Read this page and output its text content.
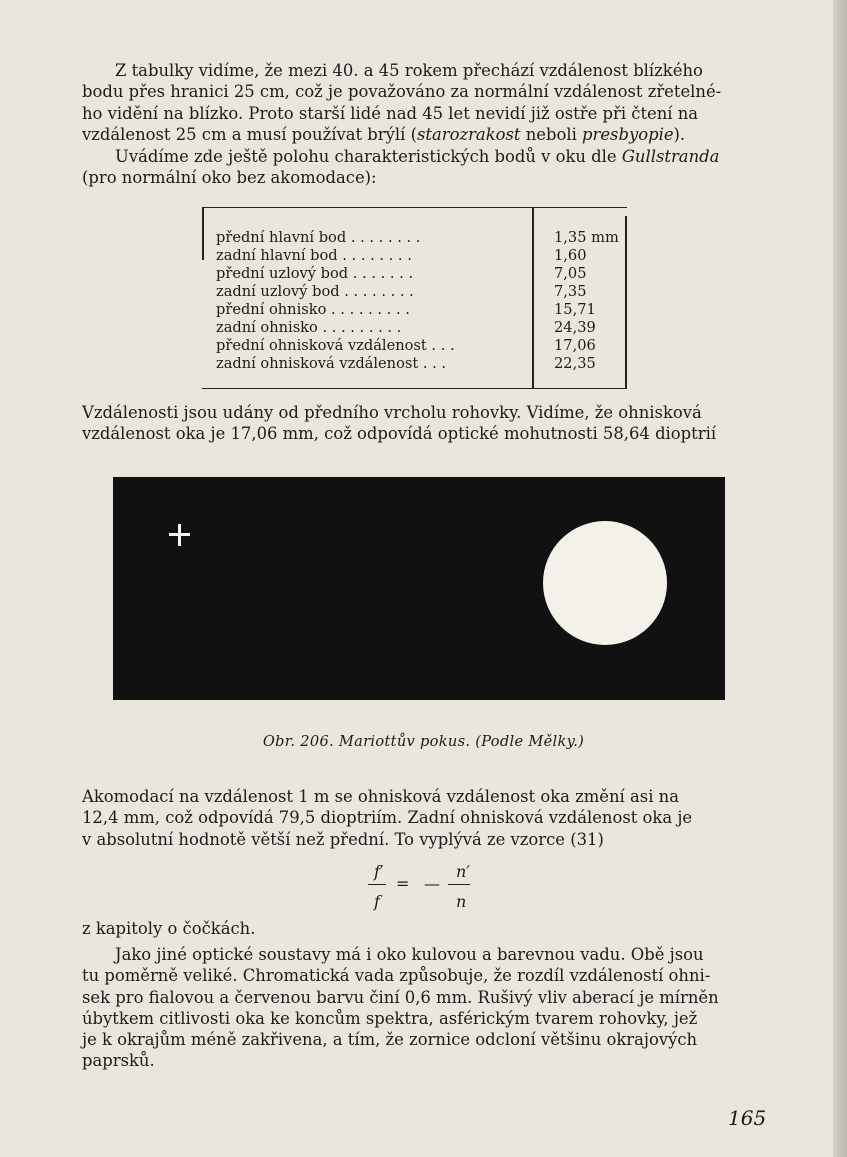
Z tabulky vidíme, že mezi 40. a 45 rokem přechází vzdálenost blízkého
bodu přes hranici 25 cm, což je považováno za normální vzdálenost zřetelné-
ho vidění na blízko. Proto starší lidé nad 45 let nevidí již ostře při čtení na
vzdálenost 25 cm a musí používat brýlí (starozrakost neboli presbyopie).
Uvádíme zde ještě polohu charakteristických bodů v oku dle Gullstranda
(pro normální oko bez akomodace):
přední hlavní bod . . . . . . . .	1,35 mm
zadní hlavní bod . . . . . . . .	1,60
přední uzlový bod . . . . . . .	7,05
zadní uzlový bod . . . . . . . .	7,35
přední ohnisko . . . . . . . . .	15,71
zadní ohnisko . . . . . . . . .	24,39
přední ohnisková vzdálenost . . .	17,06
zadní ohnisková vzdálenost . . .	22,35
Vzdálenosti jsou udány od předního vrcholu rohovky. Vidíme, že ohnisková
vzdálenost oka je 17,06 mm, což odpovídá optické mohutnosti 58,64 dioptrií
Obr. 206. Mariottův pokus. (Podle Mělky.)
Akomodací na vzdálenost 1 m se ohnisková vzdálenost oka změní asi na
12,4 mm, což odpovídá 79,5 dioptriím. Zadní ohnisková vzdálenost oka je
v absolutní hodnotě větší než přední. To vyplývá ze vzorce (31)
f′
f
= —
n′
n
z kapitoly o čočkách.
Jako jiné optické soustavy má i oko kulovou a barevnou vadu. Obě jsou
tu poměrně veliké. Chromatická vada způsobuje, že rozdíl vzdáleností ohni-
sek pro fialovou a červenou barvu činí 0,6 mm. Rušivý vliv aberací je mírněn
úbytkem citlivosti oka ke koncům spektra, asférickým tvarem rohovky, jež
je k okrajům méně zakřivena, a tím, že zornice odcloní většinu okrajových
paprsků.
165
